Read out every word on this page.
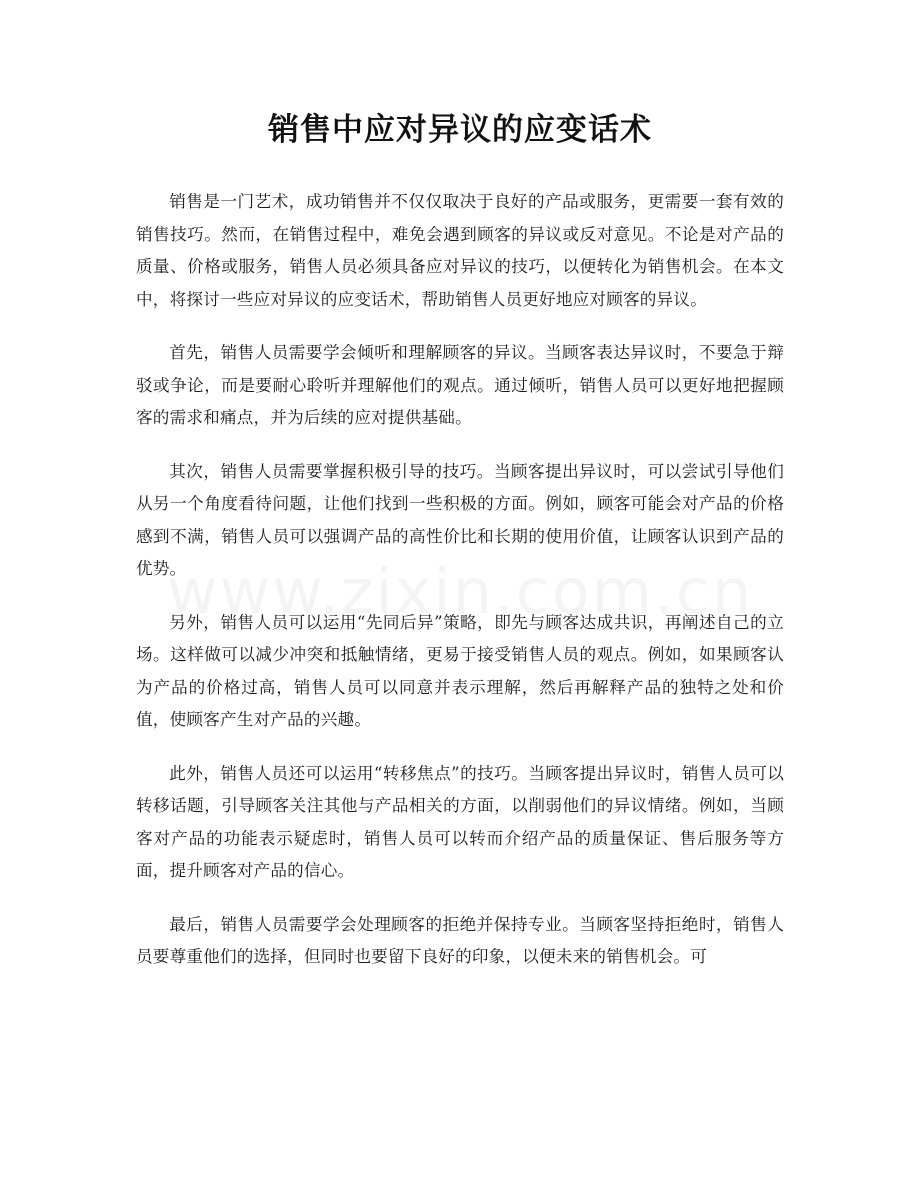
销售中应对异议的应变话术

销售是一门艺术，成功销售并不仅仅取决于良好的产品或服务，更需要一套有效的销售技巧。然而，在销售过程中，难免会遇到顾客的异议或反对意见。不论是对产品的质量、价格或服务，销售人员必须具备应对异议的技巧，以便转化为销售机会。在本文中，将探讨一些应对异议的应变话术，帮助销售人员更好地应对顾客的异议。

首先，销售人员需要学会倾听和理解顾客的异议。当顾客表达异议时，不要急于辩驳或争论，而是要耐心聆听并理解他们的观点。通过倾听，销售人员可以更好地把握顾客的需求和痛点，并为后续的应对提供基础。

其次，销售人员需要掌握积极引导的技巧。当顾客提出异议时，可以尝试引导他们从另一个角度看待问题，让他们找到一些积极的方面。例如，顾客可能会对产品的价格感到不满，销售人员可以强调产品的高性价比和长期的使用价值，让顾客认识到产品的优势。

另外，销售人员可以运用“先同后异”策略，即先与顾客达成共识，再阐述自己的立场。这样做可以减少冲突和抵触情绪，更易于接受销售人员的观点。例如，如果顾客认为产品的价格过高，销售人员可以同意并表示理解，然后再解释产品的独特之处和价值，使顾客产生对产品的兴趣。

此外，销售人员还可以运用“转移焦点”的技巧。当顾客提出异议时，销售人员可以转移话题，引导顾客关注其他与产品相关的方面，以削弱他们的异议情绪。例如，当顾客对产品的功能表示疑虑时，销售人员可以转而介绍产品的质量保证、售后服务等方面，提升顾客对产品的信心。

最后，销售人员需要学会处理顾客的拒绝并保持专业。当顾客坚持拒绝时，销售人员要尊重他们的选择，但同时也要留下良好的印象，以便未来的销售机会。可
